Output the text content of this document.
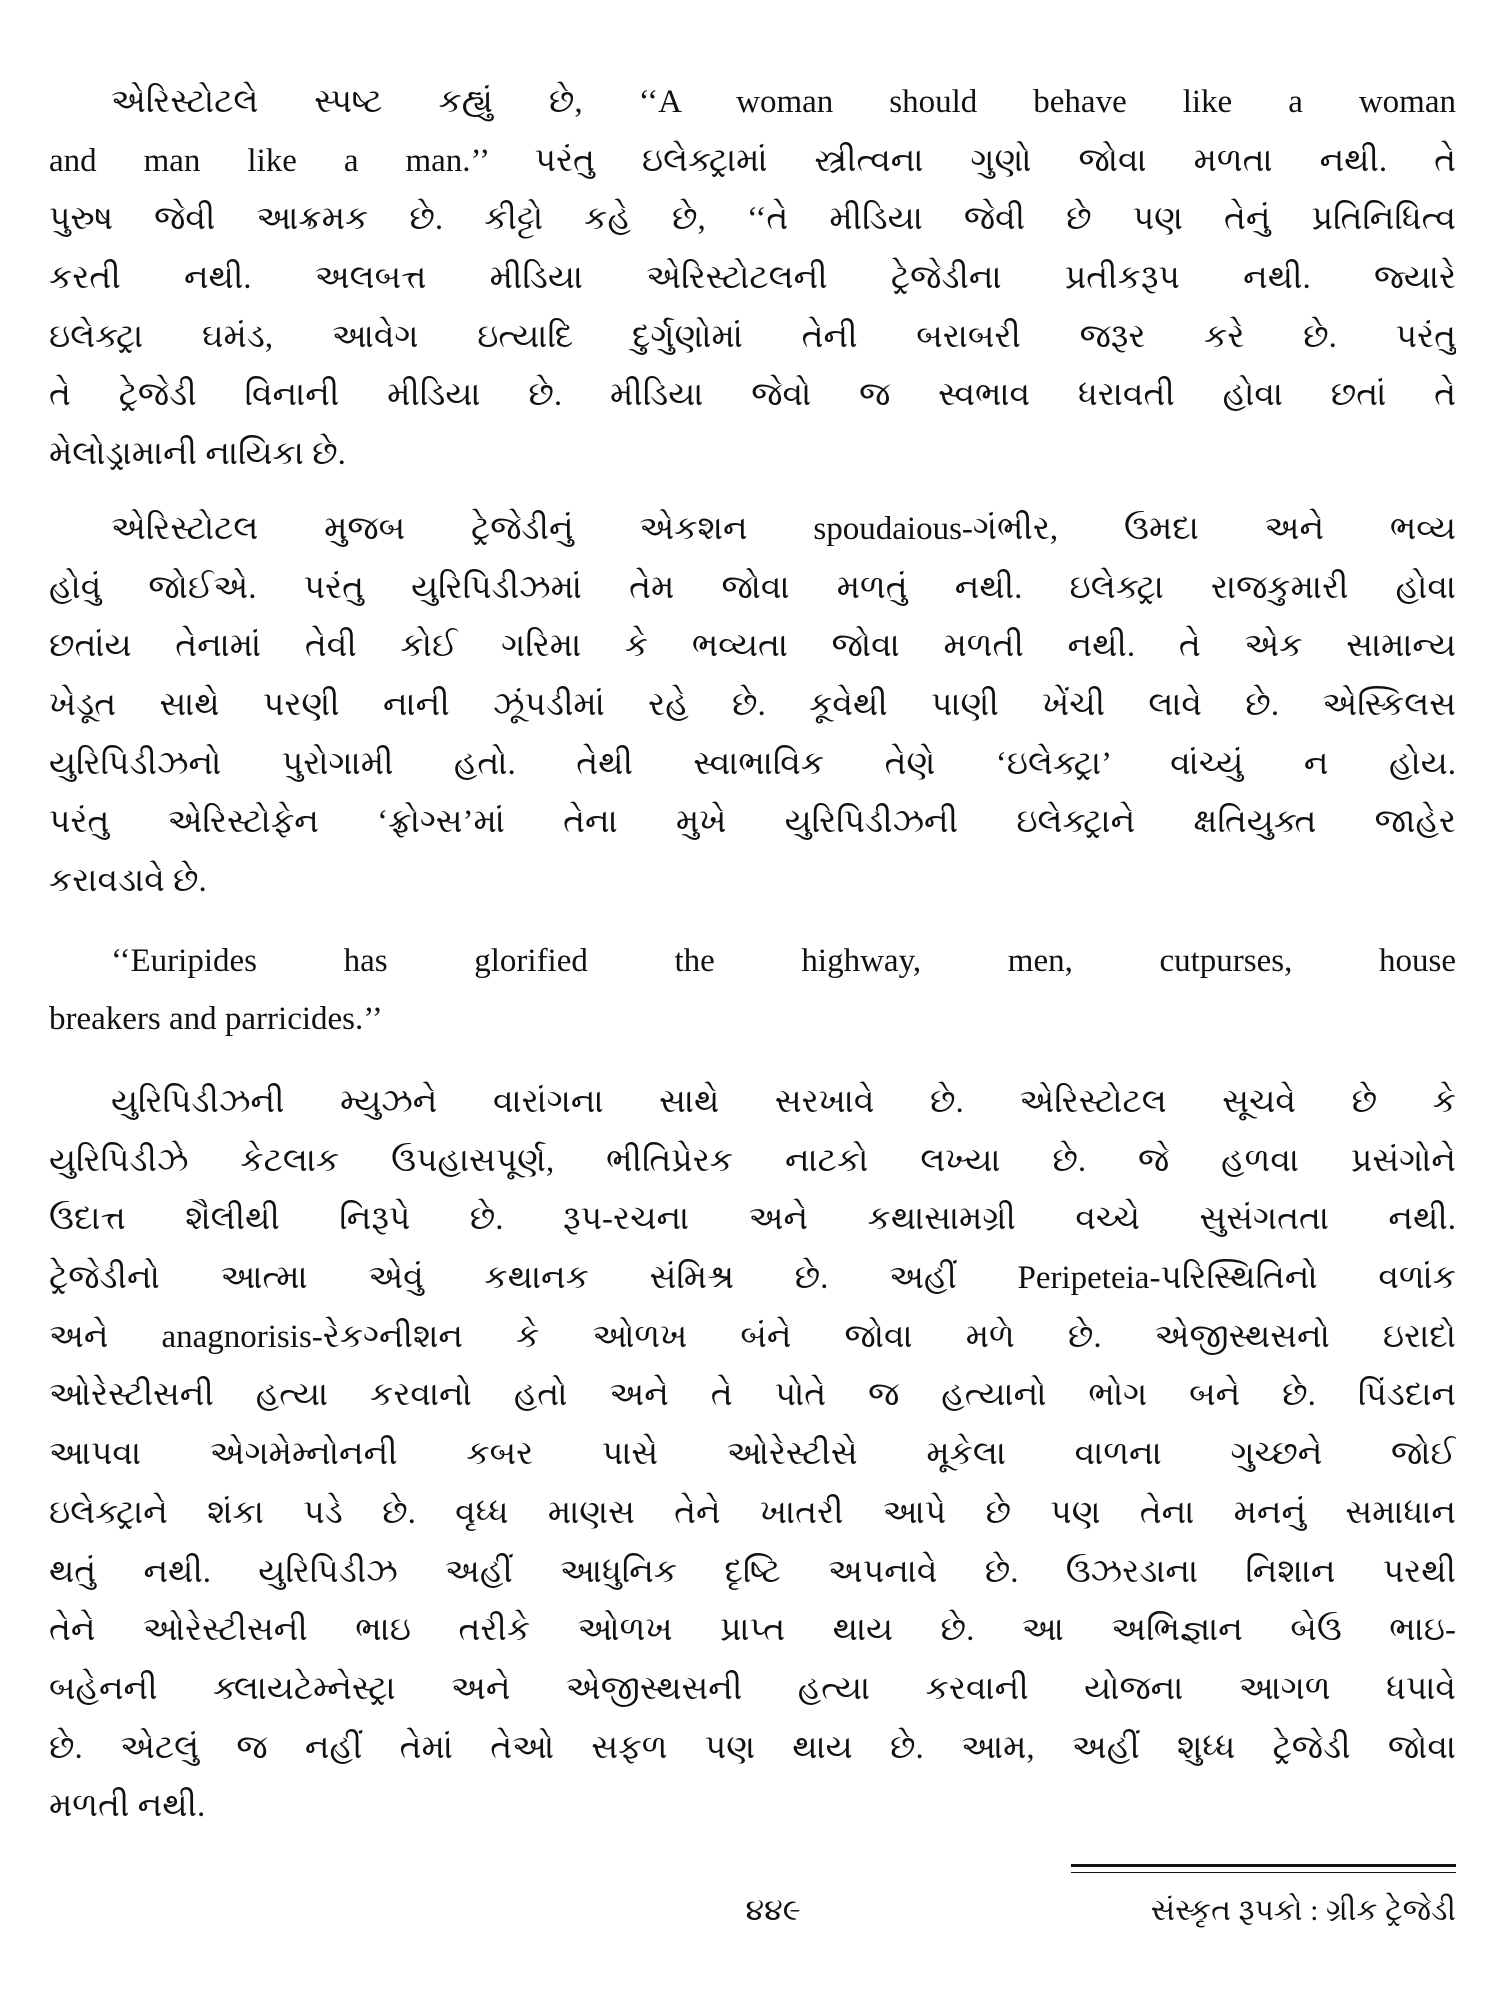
એરિસ્ટોટલે સ્પષ્ટ કહ્યું છે, ‘‘A woman should behave like a woman
and man like a man.’’ પરંતુ ઇલેક્ટ્રામાં સ્ત્રીત્વના ગુણો જોવા મળતા નથી. તે
પુરુષ જેવી આક્રમક છે. કીટ્ટો કહે છે, ‘‘તે મીડિયા જેવી છે પણ તેનું પ્રતિનિધિત્વ
કરતી નથી. અલબત્ત મીડિયા એરિસ્ટોટલની ટ્રેજેડીના પ્રતીકરૂપ નથી. જ્યારે
ઇલેક્ટ્રા ઘમંડ, આવેગ ઇત્યાદિ દુર્ગુણોમાં તેની બરાબરી જરૂર કરે છે. પરંતુ
તે ટ્રેજેડી વિનાની મીડિયા છે. મીડિયા જેવો જ સ્વભાવ ધરાવતી હોવા છતાં તે
મેલોડ્રામાની નાયિકા છે.
એરિસ્ટોટલ મુજબ ટ્રેજેડીનું એકશન spoudaious-ગંભીર, ઉમદા અને ભવ્ય
હોવું જોઈએ. પરંતુ યુરિપિડીઝમાં તેમ જોવા મળતું નથી. ઇલેક્ટ્રા રાજકુમારી હોવા
છતાંય તેનામાં તેવી કોઈ ગરિમા કે ભવ્યતા જોવા મળતી નથી. તે એક સામાન્ય
ખેડૂત સાથે પરણી નાની ઝૂંપડીમાં રહે છે. કૂવેથી પાણી ખેંચી લાવે છે. એસ્કિલસ
યુરિપિડીઝનો પુરોગામી હતો. તેથી સ્વાભાવિક તેણે ‘ઇલેક્ટ્રા’ વાંચ્યું ન હોય.
પરંતુ એરિસ્ટોફેન ‘ફ્રોગ્સ’માં તેના મુખે યુરિપિડીઝની ઇલેક્ટ્રાને ક્ષતિયુક્ત જાહેર
કરાવડાવે છે.
‘‘Euripides has glorified the highway, men, cutpurses, house
breakers and parricides.’’
યુરિપિડીઝની મ્યુઝને વારાંગના સાથે સરખાવે છે. એરિસ્ટોટલ સૂચવે છે કે
યુરિપિડીઝે કેટલાક ઉપહાસપૂર્ણ, ભીતિપ્રેરક નાટકો લખ્યા છે. જે હળવા પ્રસંગોને
ઉદાત્ત શૈલીથી નિરૂપે છે. રૂપ-રચના અને કથાસામગ્રી વચ્ચે સુસંગતતા નથી.
ટ્રેજેડીનો આત્મા એવું કથાનક સંમિશ્ર છે. અહીં Peripeteia-પરિસ્થિતિનો વળાંક
અને anagnorisis-રેકગ્નીશન કે ઓળખ બંને જોવા મળે છે. એજીસ્થસનો ઇરાદો
ઓરેસ્ટીસની હત્યા કરવાનો હતો અને તે પોતે જ હત્યાનો ભોગ બને છે. પિંડદાન
આપવા એગમેમ્નોનની કબર પાસે ઓરેસ્ટીસે મૂકેલા વાળના ગુચ્છને જોઈ
ઇલેક્ટ્રાને શંકા પડે છે. વૃધ્ધ માણસ તેને ખાતરી આપે છે પણ તેના મનનું સમાધાન
થતું નથી. યુરિપિડીઝ અહીં આધુનિક દૃષ્ટિ અપનાવે છે. ઉઝરડાના નિશાન પરથી
તેને ઓરેસ્ટીસની ભાઇ તરીકે ઓળખ પ્રાપ્ત થાય છે. આ અભિજ્ઞાન બેઉ ભાઇ-
બહેનની ક્લાયટેમ્નેસ્ટ્રા અને એજીસ્થસની હત્યા કરવાની યોજના આગળ ધપાવે
છે. એટલું જ નહીં તેમાં તેઓ સફળ પણ થાય છે. આમ, અહીં શુધ્ધ ટ્રેજેડી જોવા
મળતી નથી.
૪૪૯	સંસ્કૃત રૂપકો : ગ્રીક ટ્રેજેડી
